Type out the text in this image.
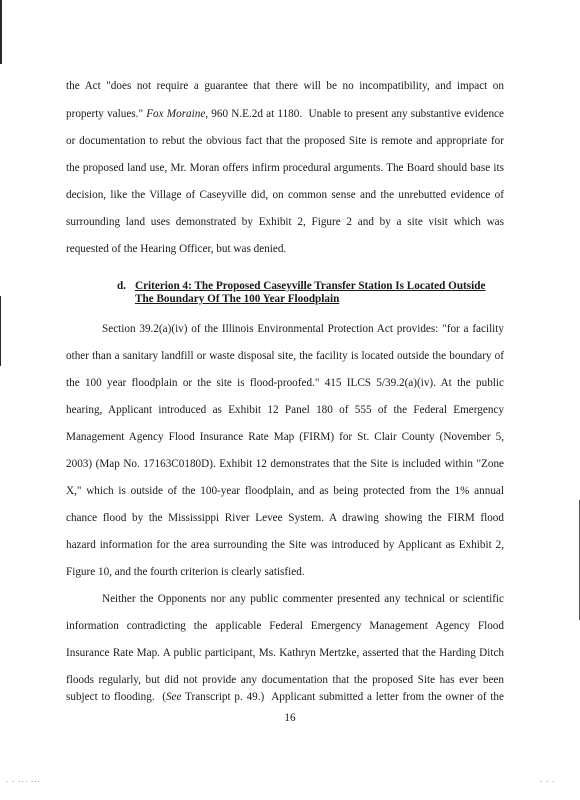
the Act "does not require a guarantee that there will be no incompatibility, and impact on
property values." Fox Moraine, 960 N.E.2d at 1180.  Unable to present any substantive evidence
or documentation to rebut the obvious fact that the proposed Site is remote and appropriate for
the proposed land use, Mr. Moran offers infirm procedural arguments. The Board should base its
decision, like the Village of Caseyville did, on common sense and the unrebutted evidence of
surrounding land uses demonstrated by Exhibit 2, Figure 2 and by a site visit which was
requested of the Hearing Officer, but was denied.
d. Criterion 4: The Proposed Caseyville Transfer Station Is Located Outside
The Boundary Of The 100 Year Floodplain
Section 39.2(a)(iv) of the Illinois Environmental Protection Act provides: "for a facility
other than a sanitary landfill or waste disposal site, the facility is located outside the boundary of
the 100 year floodplain or the site is flood-proofed." 415 ILCS 5/39.2(a)(iv). At the public
hearing, Applicant introduced as Exhibit 12 Panel 180 of 555 of the Federal Emergency
Management Agency Flood Insurance Rate Map (FIRM) for St. Clair County (November 5,
2003) (Map No. 17163C0180D). Exhibit 12 demonstrates that the Site is included within "Zone
X," which is outside of the 100-year floodplain, and as being protected from the 1% annual
chance flood by the Mississippi River Levee System. A drawing showing the FIRM flood
hazard information for the area surrounding the Site was introduced by Applicant as Exhibit 2,
Figure 10, and the fourth criterion is clearly satisfied.
Neither the Opponents nor any public commenter presented any technical or scientific
information contradicting the applicable Federal Emergency Management Agency Flood
Insurance Rate Map. A public participant, Ms. Kathryn Mertzke, asserted that the Harding Ditch
floods regularly, but did not provide any documentation that the proposed Site has ever been
subject to flooding.  (See Transcript p. 49.)  Applicant submitted a letter from the owner of the
16
· · ··· ···	· · ·
